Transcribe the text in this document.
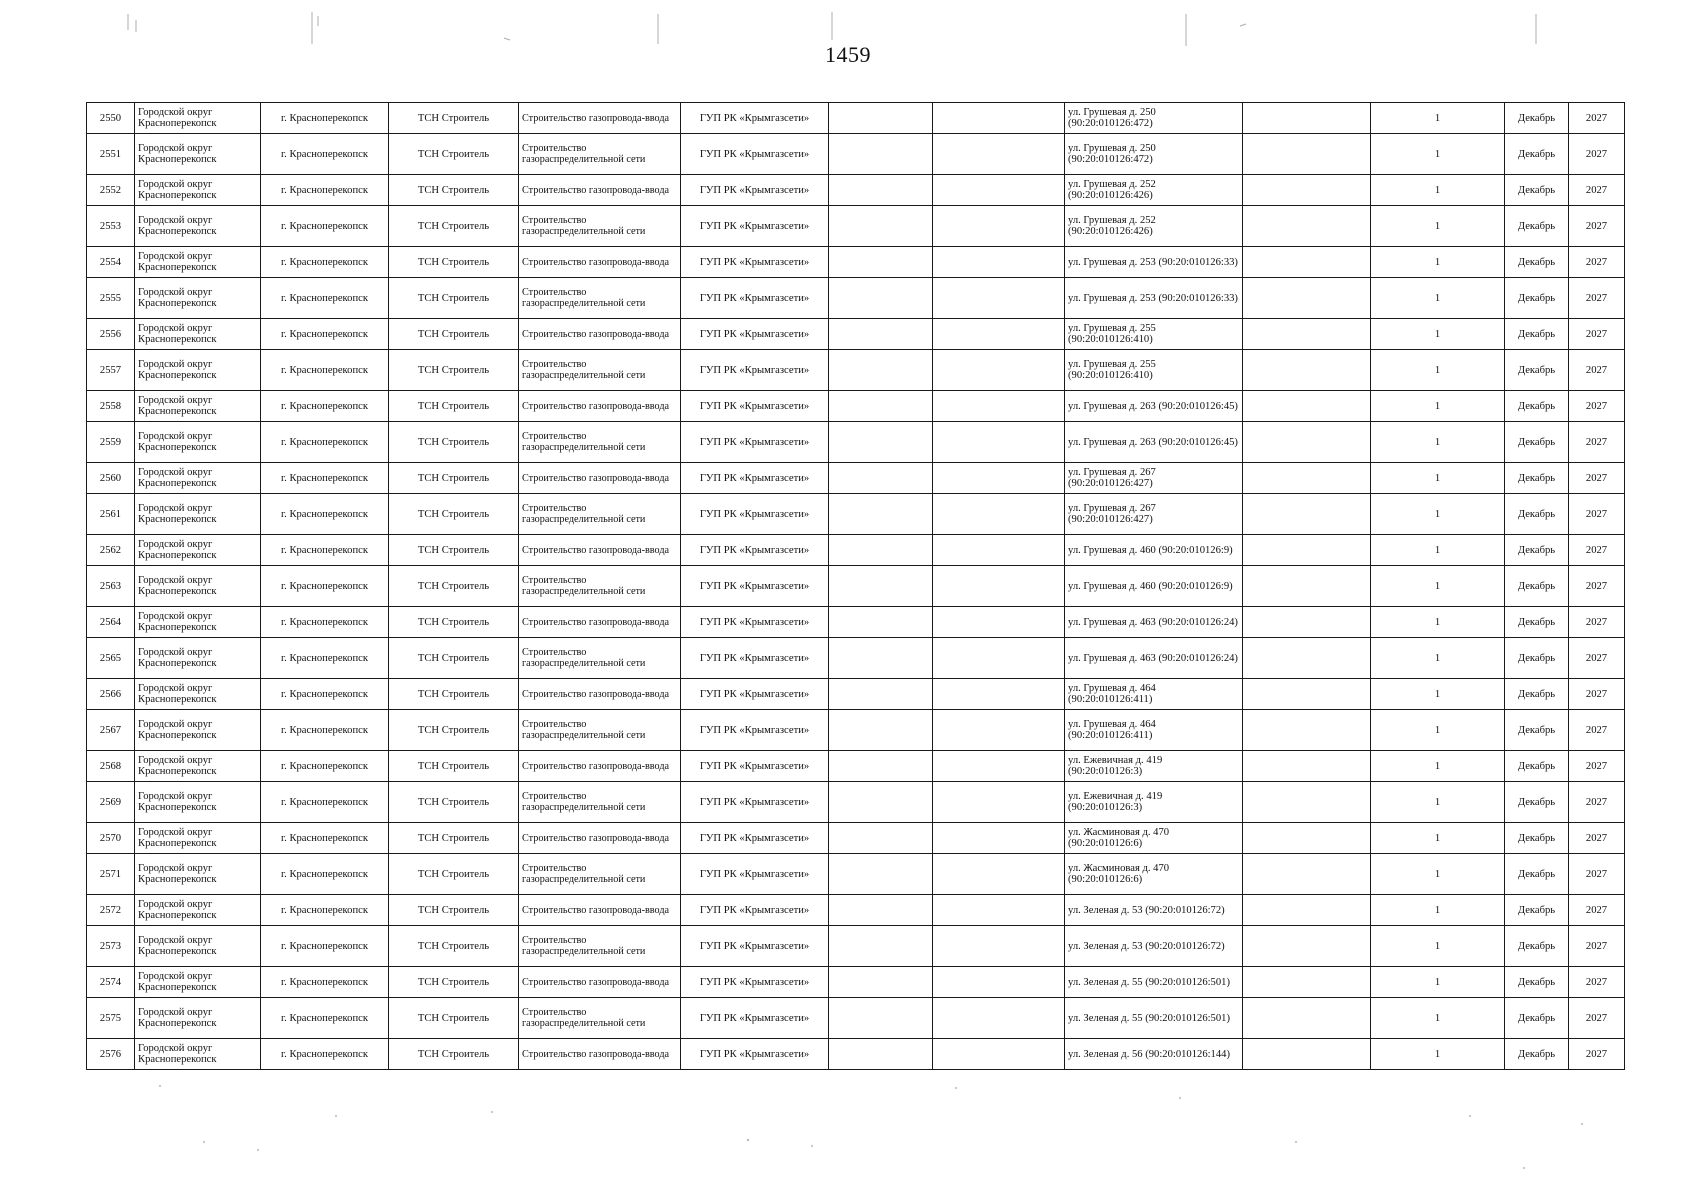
1459
2550	Городской округ Красноперекопск	г. Красноперекопск	ТСН Строитель	Строительство газопровода-ввода	ГУП РК «Крымгазсети»			ул. Грушевая д. 250 (90:20:010126:472)		1	Декабрь	2027
2551	Городской округ Красноперекопск	г. Красноперекопск	ТСН Строитель	Строительство газораспределительной сети	ГУП РК «Крымгазсети»			ул. Грушевая д. 250 (90:20:010126:472)		1	Декабрь	2027
2552	Городской округ Красноперекопск	г. Красноперекопск	ТСН Строитель	Строительство газопровода-ввода	ГУП РК «Крымгазсети»			ул. Грушевая д. 252 (90:20:010126:426)		1	Декабрь	2027
2553	Городской округ Красноперекопск	г. Красноперекопск	ТСН Строитель	Строительство газораспределительной сети	ГУП РК «Крымгазсети»			ул. Грушевая д. 252 (90:20:010126:426)		1	Декабрь	2027
2554	Городской округ Красноперекопск	г. Красноперекопск	ТСН Строитель	Строительство газопровода-ввода	ГУП РК «Крымгазсети»			ул. Грушевая д. 253 (90:20:010126:33)		1	Декабрь	2027
2555	Городской округ Красноперекопск	г. Красноперекопск	ТСН Строитель	Строительство газораспределительной сети	ГУП РК «Крымгазсети»			ул. Грушевая д. 253 (90:20:010126:33)		1	Декабрь	2027
2556	Городской округ Красноперекопск	г. Красноперекопск	ТСН Строитель	Строительство газопровода-ввода	ГУП РК «Крымгазсети»			ул. Грушевая д. 255 (90:20:010126:410)		1	Декабрь	2027
2557	Городской округ Красноперекопск	г. Красноперекопск	ТСН Строитель	Строительство газораспределительной сети	ГУП РК «Крымгазсети»			ул. Грушевая д. 255 (90:20:010126:410)		1	Декабрь	2027
2558	Городской округ Красноперекопск	г. Красноперекопск	ТСН Строитель	Строительство газопровода-ввода	ГУП РК «Крымгазсети»			ул. Грушевая д. 263 (90:20:010126:45)		1	Декабрь	2027
2559	Городской округ Красноперекопск	г. Красноперекопск	ТСН Строитель	Строительство газораспределительной сети	ГУП РК «Крымгазсети»			ул. Грушевая д. 263 (90:20:010126:45)		1	Декабрь	2027
2560	Городской округ Красноперекопск	г. Красноперекопск	ТСН Строитель	Строительство газопровода-ввода	ГУП РК «Крымгазсети»			ул. Грушевая д. 267 (90:20:010126:427)		1	Декабрь	2027
2561	Городской округ Красноперекопск	г. Красноперекопск	ТСН Строитель	Строительство газораспределительной сети	ГУП РК «Крымгазсети»			ул. Грушевая д. 267 (90:20:010126:427)		1	Декабрь	2027
2562	Городской округ Красноперекопск	г. Красноперекопск	ТСН Строитель	Строительство газопровода-ввода	ГУП РК «Крымгазсети»			ул. Грушевая д. 460 (90:20:010126:9)		1	Декабрь	2027
2563	Городской округ Красноперекопск	г. Красноперекопск	ТСН Строитель	Строительство газораспределительной сети	ГУП РК «Крымгазсети»			ул. Грушевая д. 460 (90:20:010126:9)		1	Декабрь	2027
2564	Городской округ Красноперекопск	г. Красноперекопск	ТСН Строитель	Строительство газопровода-ввода	ГУП РК «Крымгазсети»			ул. Грушевая д. 463 (90:20:010126:24)		1	Декабрь	2027
2565	Городской округ Красноперекопск	г. Красноперекопск	ТСН Строитель	Строительство газораспределительной сети	ГУП РК «Крымгазсети»			ул. Грушевая д. 463 (90:20:010126:24)		1	Декабрь	2027
2566	Городской округ Красноперекопск	г. Красноперекопск	ТСН Строитель	Строительство газопровода-ввода	ГУП РК «Крымгазсети»			ул. Грушевая д. 464 (90:20:010126:411)		1	Декабрь	2027
2567	Городской округ Красноперекопск	г. Красноперекопск	ТСН Строитель	Строительство газораспределительной сети	ГУП РК «Крымгазсети»			ул. Грушевая д. 464 (90:20:010126:411)		1	Декабрь	2027
2568	Городской округ Красноперекопск	г. Красноперекопск	ТСН Строитель	Строительство газопровода-ввода	ГУП РК «Крымгазсети»			ул. Ежевичная д. 419 (90:20:010126:3)		1	Декабрь	2027
2569	Городской округ Красноперекопск	г. Красноперекопск	ТСН Строитель	Строительство газораспределительной сети	ГУП РК «Крымгазсети»			ул. Ежевичная д. 419 (90:20:010126:3)		1	Декабрь	2027
2570	Городской округ Красноперекопск	г. Красноперекопск	ТСН Строитель	Строительство газопровода-ввода	ГУП РК «Крымгазсети»			ул. Жасминовая д. 470 (90:20:010126:6)		1	Декабрь	2027
2571	Городской округ Красноперекопск	г. Красноперекопск	ТСН Строитель	Строительство газораспределительной сети	ГУП РК «Крымгазсети»			ул. Жасминовая д. 470 (90:20:010126:6)		1	Декабрь	2027
2572	Городской округ Красноперекопск	г. Красноперекопск	ТСН Строитель	Строительство газопровода-ввода	ГУП РК «Крымгазсети»			ул. Зеленая д. 53 (90:20:010126:72)		1	Декабрь	2027
2573	Городской округ Красноперекопск	г. Красноперекопск	ТСН Строитель	Строительство газораспределительной сети	ГУП РК «Крымгазсети»			ул. Зеленая д. 53 (90:20:010126:72)		1	Декабрь	2027
2574	Городской округ Красноперекопск	г. Красноперекопск	ТСН Строитель	Строительство газопровода-ввода	ГУП РК «Крымгазсети»			ул. Зеленая д. 55 (90:20:010126:501)		1	Декабрь	2027
2575	Городской округ Красноперекопск	г. Красноперекопск	ТСН Строитель	Строительство газораспределительной сети	ГУП РК «Крымгазсети»			ул. Зеленая д. 55 (90:20:010126:501)		1	Декабрь	2027
2576	Городской округ Красноперекопск	г. Красноперекопск	ТСН Строитель	Строительство газопровода-ввода	ГУП РК «Крымгазсети»			ул. Зеленая д. 56 (90:20:010126:144)		1	Декабрь	2027
